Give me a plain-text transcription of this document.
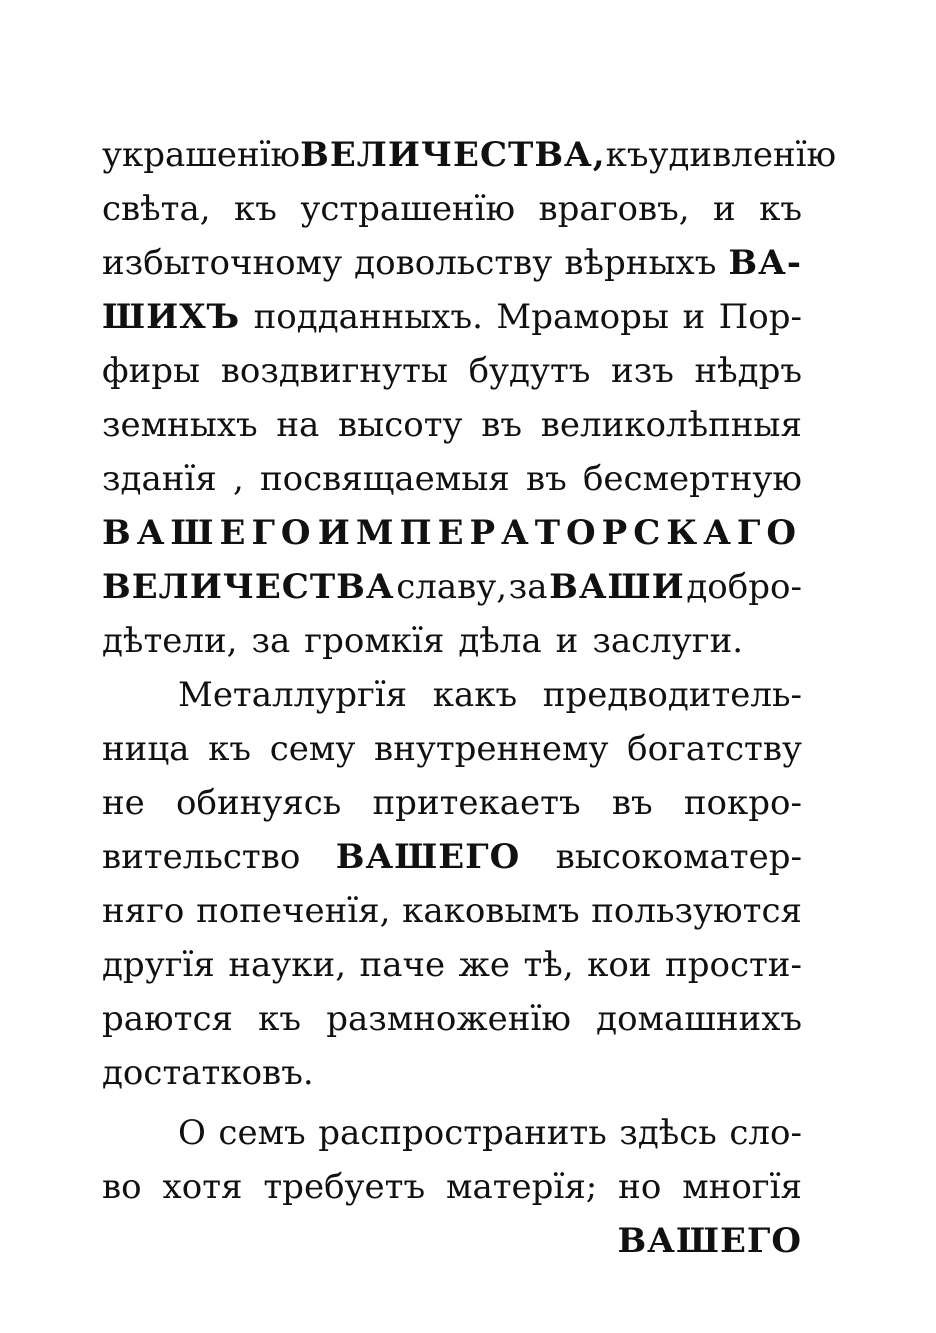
украшенїю ВЕЛИЧЕСТВА, къ удивленїю
свѣта, къ устрашенїю враговъ, и къ
избыточному довольству вѣрныхъ ВА-
ШИХЪ подданныхъ. Мраморы и Пор-
фиры воздвигнуты будутъ изъ нѣдръ
земныхъ на высоту въ великолѣпныя
зданїя , посвящаемыя въ бесмертную
ВАШЕГО ИМПЕРАТОРСКАГО
ВЕЛИЧЕСТВА славу, за ВАШИ добро-
дѣтели, за громкїя дѣла и заслуги.
Металлургїя какъ предводитель-
ница къ сему внутреннему богатству
не обинуясь притекаетъ въ покро-
вительство ВАШЕГО высокоматер-
няго попеченїя, каковымъ пользуются
другїя науки, паче же тѣ, кои прости-
раются къ размноженїю домашнихъ
достатковъ.
О семъ распространить здѣсь сло-
во хотя требуетъ матерїя; но многїя
ВАШЕГО
